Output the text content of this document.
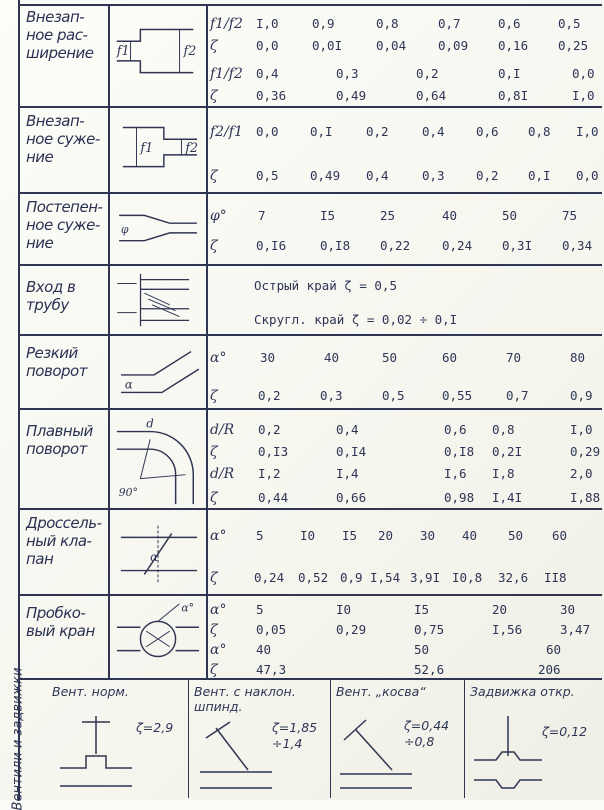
Внезап-
ное рас-
ширение	f1	f2
f1/f2 I,0	0,9	0,8	0,7	0,6	0,5
ζ	0,0	0,0I	0,04	0,09 0,16 0,25
f1/f2 0,4	0,3	0,2	0,I	0,0
ζ	0,36	0,49	0,64	0,8I	I,0
Внезап-
ное суже-
ние
f1 f2
f2/f1 0,0	0,I	0,2	0,4	0,6 0,8 I,0
ζ	0,5	0,49 0,4	0,3	0,2 0,I 0,0
Постепен-
ное суже-
ние
φ
φ° 7	I5	25	40	50	75
ζ	0,I6	0,I8 0,22	0,24 0,3I 0,34
Вход в
трубу
Острый край ζ = 0,5
Скругл. край ζ = 0,02 ÷ 0,I
Резкий
поворот
α
α°	30	40	50	60	70	80
ζ	0,2	0,3	0,5	0,55	0,7	0,9
Плавный
поворот
d
90°
d/R 0,2	0,4	0,6 0,8	I,0
ζ	0,I3	0,I4	0,I8 0,2I	0,29
d/R I,2	I,4	I,6 I,8	2,0
ζ	0,44	0,66	0,98 I,4I	I,88
Дроссель-
ный кла-
пан	α
α° 5	I0 I5 20 30 40 50 60
ζ	0,24 0,52 0,9 I,54 3,9I I0,8 32,6 II8
Пробко-
вый кран
α° α° 5	I0	I5	20	30
ζ	0,05	0,29	0,75	I,56	3,47
α° 40	50	60
ζ	47,3	52,6	206
Вентили и задвижки Вент. норм.
ζ=2,9
Вент. с наклон. шпинд.
ζ=1,85 ÷1,4
Вент. „косва“
ζ=0,44 ÷0,8
Задвижка откр.
ζ=0,12
